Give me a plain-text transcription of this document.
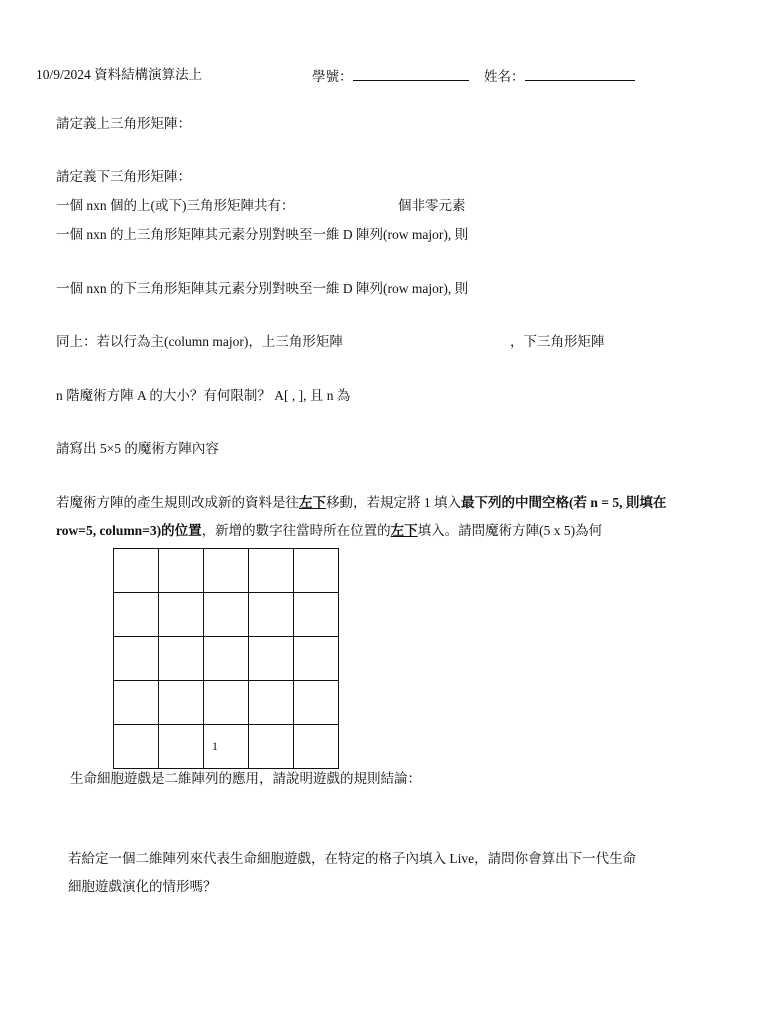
10/9/2024 資料結構演算法上	學號：	姓名：
請定義上三角形矩陣：
請定義下三角形矩陣：
一個 nxn 個的上(或下)三角形矩陣共有：	個非零元素
一個 nxn 的上三角形矩陣其元素分別對映至一維 D 陣列(row major), 則
一個 nxn 的下三角形矩陣其元素分別對映至一維 D 陣列(row major), 則
同上：若以行為主(column major)，上三角形矩陣	，下三角形矩陣
n 階魔術方陣 A 的大小？有何限制？ A[ , ], 且 n 為
請寫出 5×5 的魔術方陣內容
若魔術方陣的產生規則改成新的資料是往左下移動，若規定將 1 填入最下列的中間空格(若 n = 5, 則填在
row=5, column=3)的位置，新增的數字往當時所在位置的左下填入。請問魔術方陣(5 x 5)為何

		1		
生命細胞遊戲是二維陣列的應用，請說明遊戲的規則結論：
若給定一個二維陣列來代表生命細胞遊戲，在特定的格子內填入 Live，請問你會算出下一代生命
細胞遊戲演化的情形嗎？
